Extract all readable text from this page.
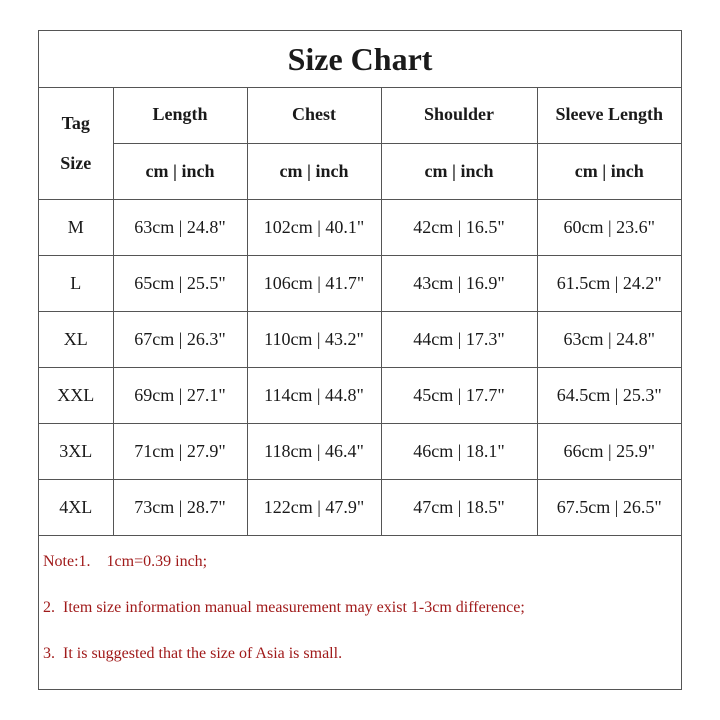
Size Chart
Tag
Size	Length	Chest	Shoulder	Sleeve Length
	cm | inch	cm | inch	cm | inch	cm | inch
M	63cm | 24.8"	102cm | 40.1"	42cm | 16.5"	60cm | 23.6"
L	65cm | 25.5"	106cm | 41.7"	43cm | 16.9"	61.5cm | 24.2"
XL	67cm | 26.3"	110cm | 43.2"	44cm | 17.3"	63cm | 24.8"
XXL	69cm | 27.1"	114cm | 44.8"	45cm | 17.7"	64.5cm | 25.3"
3XL	71cm | 27.9"	118cm | 46.4"	46cm | 18.1"	66cm | 25.9"
4XL	73cm | 28.7"	122cm | 47.9"	47cm | 18.5"	67.5cm | 26.5"
Note:1.    1cm=0.39 inch;
2.  Item size information manual measurement may exist 1-3cm difference;
3.  It is suggested that the size of Asia is small.
